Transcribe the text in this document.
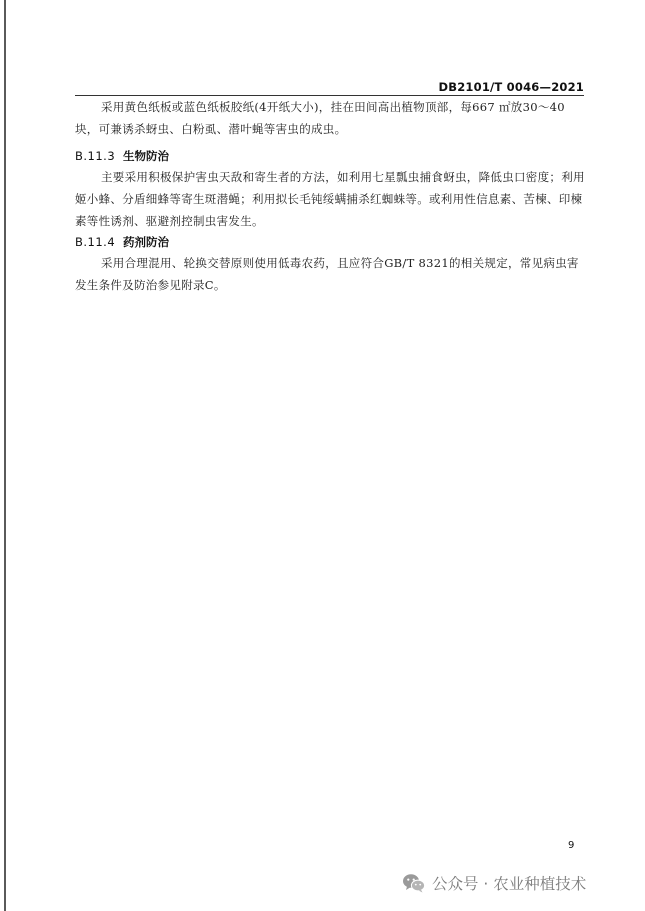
DB2101/T 0046—2021

采用黄色纸板或蓝色纸板胶纸(4开纸大小)，挂在田间高出植物顶部，每667 ㎡放30～40块，可兼诱杀蚜虫、白粉虱、潜叶蝇等害虫的成虫。

B.11.3 生物防治

主要采用积极保护害虫天敌和寄生者的方法，如利用七星瓢虫捕食蚜虫，降低虫口密度；利用姬小蜂、分盾细蜂等寄生斑潜蝇；利用拟长毛钝绥螨捕杀红蜘蛛等。或利用性信息素、苦楝、印楝素等性诱剂、驱避剂控制虫害发生。

B.11.4 药剂防治

采用合理混用、轮换交替原则使用低毒农药，且应符合GB/T 8321的相关规定，常见病虫害发生条件及防治参见附录C。

9
公众号 · 农业种植技术
